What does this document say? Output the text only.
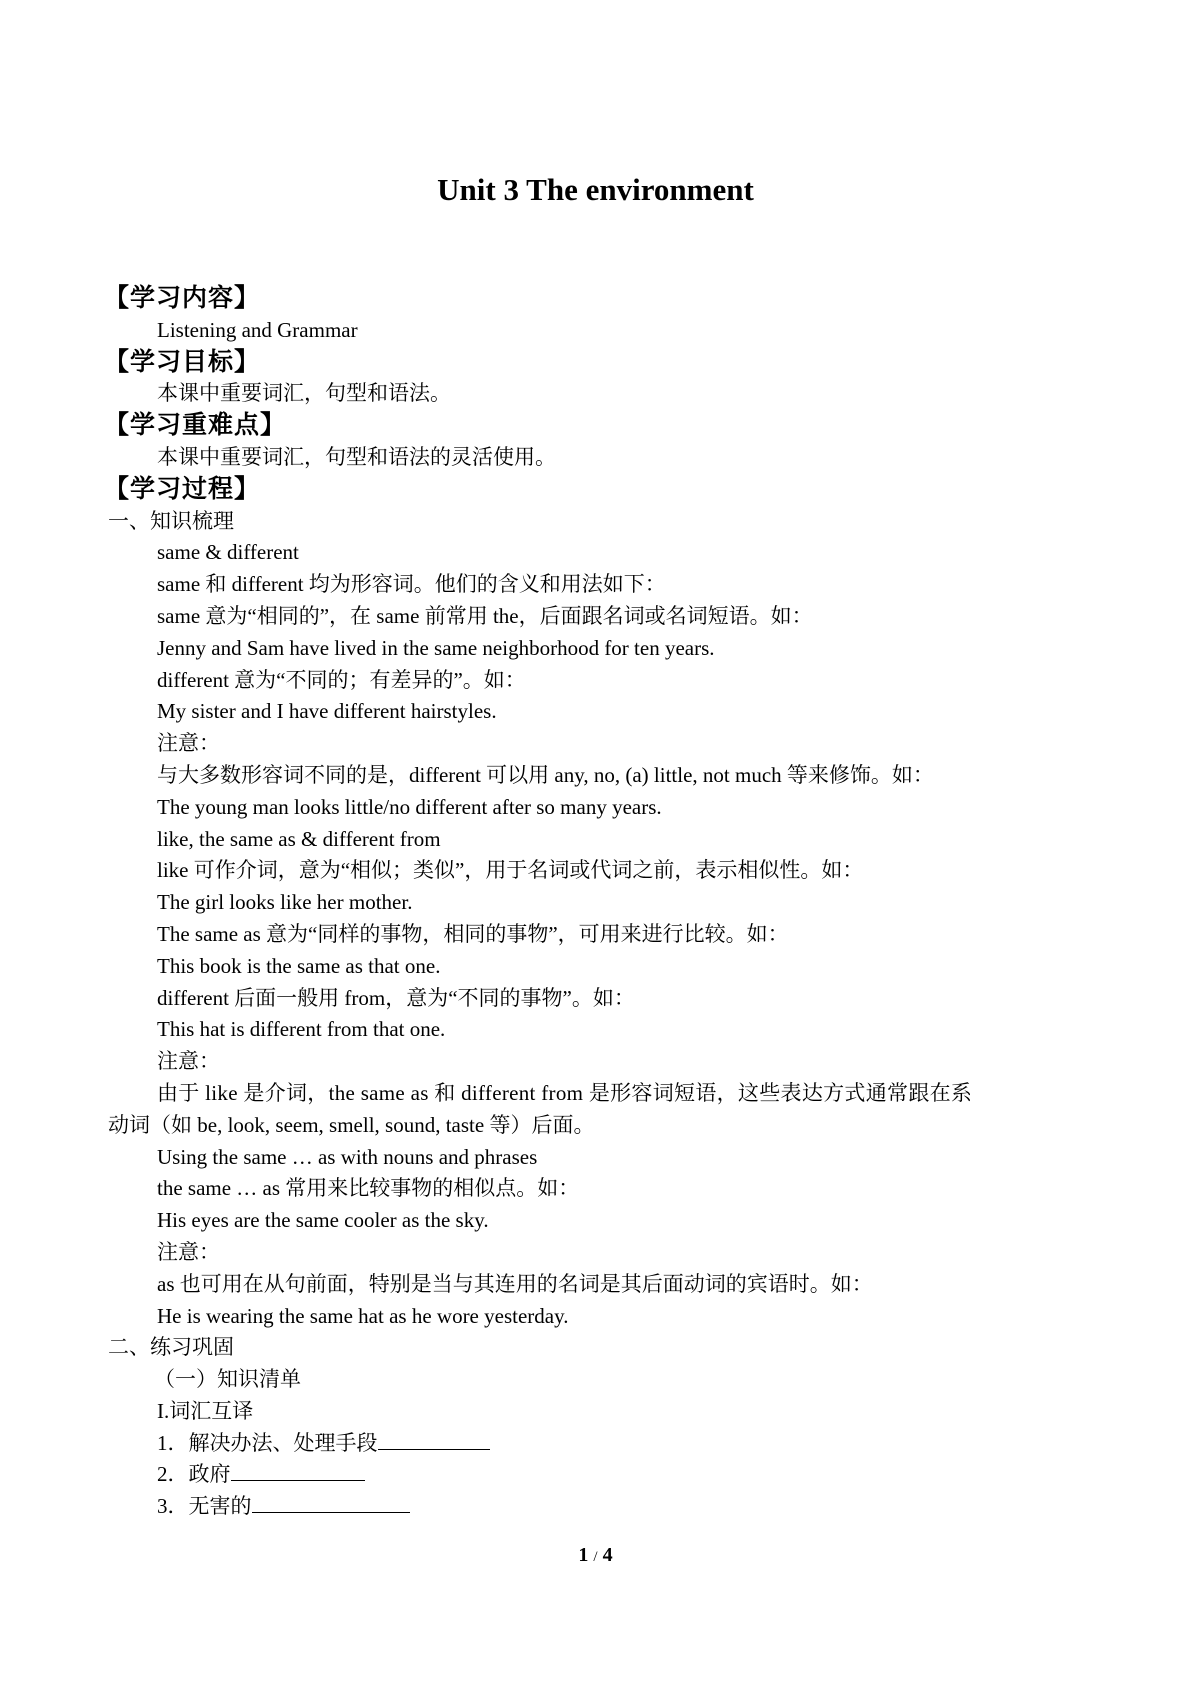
Unit 3 The environment
【学习内容】
Listening and Grammar
【学习目标】
本课中重要词汇，句型和语法。
【学习重难点】
本课中重要词汇，句型和语法的灵活使用。
【学习过程】
一、知识梳理
same & different
same 和 different 均为形容词。他们的含义和用法如下：
same 意为“相同的”，在 same 前常用 the，后面跟名词或名词短语。如：
Jenny and Sam have lived in the same neighborhood for ten years.
different 意为“不同的；有差异的”。如：
My sister and I have different hairstyles.
注意：
与大多数形容词不同的是，different 可以用 any, no, (a) little, not much 等来修饰。如：
The young man looks little/no different after so many years.
like, the same as & different from
like 可作介词，意为“相似；类似”，用于名词或代词之前，表示相似性。如：
The girl looks like her mother.
The same as 意为“同样的事物，相同的事物”，可用来进行比较。如：
This book is the same as that one.
different 后面一般用 from，意为“不同的事物”。如：
This hat is different from that one.
注意：
由于 like 是介词，the same as 和 different from 是形容词短语，这些表达方式通常跟在系
动词（如 be, look, seem, smell, sound, taste 等）后面。
Using the same … as with nouns and phrases
the same … as 常用来比较事物的相似点。如：
His eyes are the same cooler as the sky.
注意：
as 也可用在从句前面，特别是当与其连用的名词是其后面动词的宾语时。如：
He is wearing the same hat as he wore yesterday.
二、练习巩固
（一）知识清单
I.词汇互译
1．解决办法、处理手段
2．政府
3．无害的
1 / 4
